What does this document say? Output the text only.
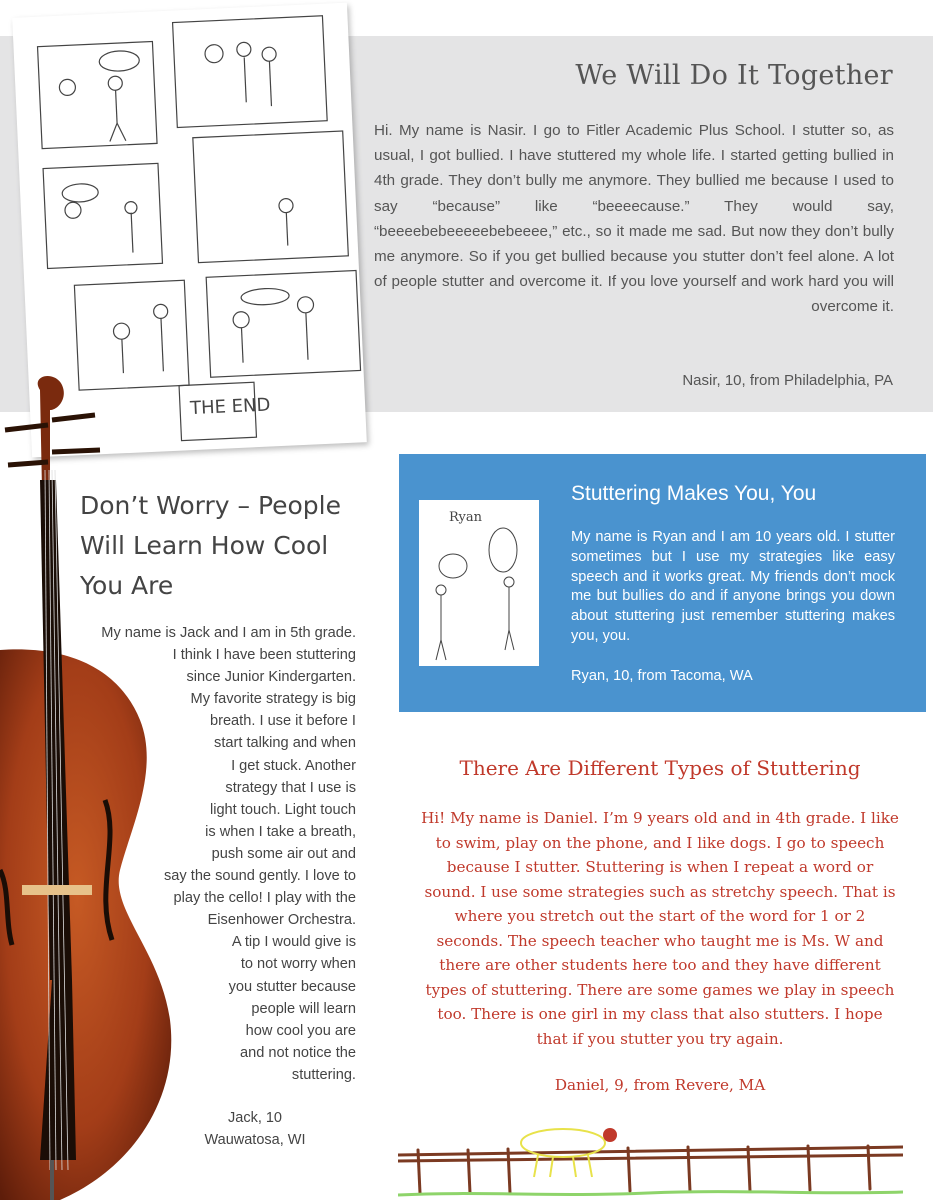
THE END
We Will Do It Together

Hi. My name is Nasir. I go to Fitler Academic Plus School. I stutter so, as usual, I got bullied. I have stuttered my whole life. I started getting bullied in 4th grade. They don’t bully me anymore. They bullied me because I used to say “because” like “beeeecause.” They would say, “beeeebebeeeeebebeeee,” etc., so it made me sad. But now they don’t bully me anymore. So if you get bullied because you stutter don’t feel alone. A lot of people stutter and overcome it. If you love yourself and work hard you will overcome it.

Nasir, 10, from Philadelphia, PA
Don’t Worry – People
Will Learn How Cool
You Are

My name is Jack and I am in 5th grade.
I think I have been stuttering
since Junior Kindergarten.
My favorite strategy is big
breath. I use it before I
start talking and when
I get stuck. Another
strategy that I use is
light touch. Light touch
is when I take a breath,
push some air out and
say the sound gently. I love to
play the cello! I play with the
Eisenhower Orchestra.
A tip I would give is
to not worry when
you stutter because
people will learn
how cool you are
and not notice the
stuttering.

Jack, 10
Wauwatosa, WI
Ryan
Stuttering Makes You, You

My name is Ryan and I am 10 years old. I stutter sometimes but I use my strategies like easy speech and it works great. My friends don’t mock me but bullies do and if anyone brings you down about stuttering just remember stuttering makes you, you.

Ryan, 10, from Tacoma, WA
There Are Different Types of Stuttering

Hi! My name is Daniel. I’m 9 years old and in 4th grade. I like to swim, play on the phone, and I like dogs. I go to speech because I stutter. Stuttering is when I repeat a word or sound. I use some strategies such as stretchy speech. That is where you stretch out the start of the word for 1 or 2 seconds. The speech teacher who taught me is Ms. W and there are other students here too and they have different types of stuttering. There are some games we play in speech too. There is one girl in my class that also stutters. I hope that if you stutter you try again.

Daniel, 9, from Revere, MA
